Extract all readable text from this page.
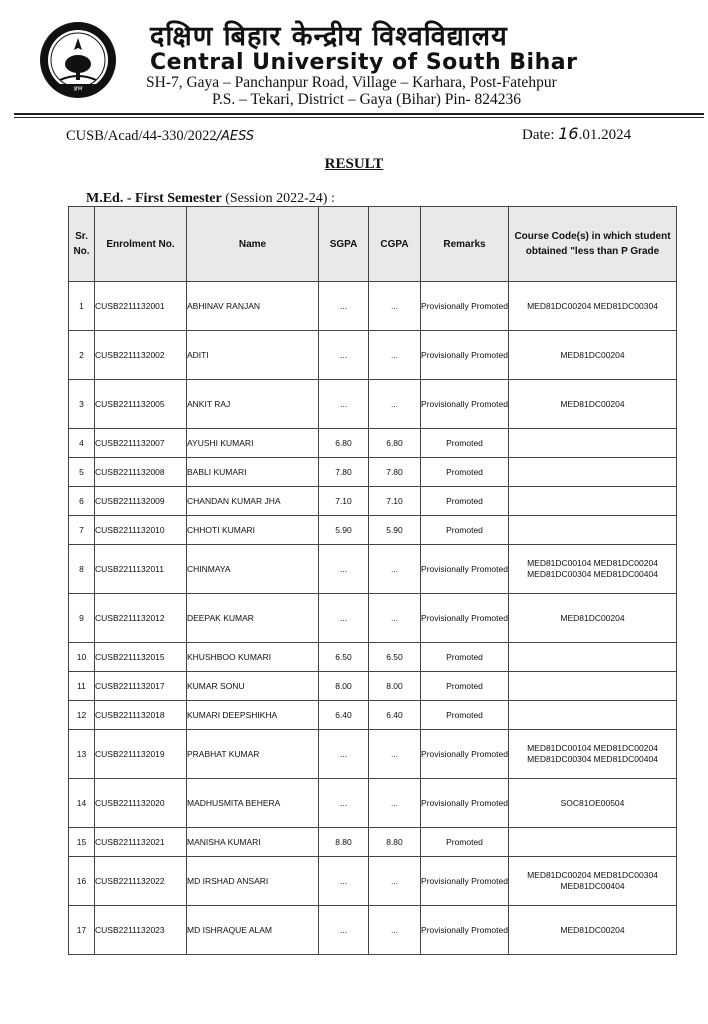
ज्ञान
दक्षिण बिहार केन्द्रीय विश्वविद्यालय
Central University of South Bihar
SH-7, Gaya – Panchanpur Road, Village – Karhara, Post-Fatehpur
P.S. – Tekari, District – Gaya (Bihar) Pin- 824236
CUSB/Acad/44-330/2022/AESS	Date: 16.01.2024
RESULT
M.Ed. - First Semester (Session 2022-24) :
Sr. No.	Enrolment No.	Name	SGPA	CGPA	Remarks	Course Code(s) in which student obtained "less than P Grade
1	CUSB2211132001	ABHINAV RANJAN	...	...	Provisionally Promoted	MED81DC00204 MED81DC00304
2	CUSB2211132002	ADITI	...	...	Provisionally Promoted	MED81DC00204
3	CUSB2211132005	ANKIT RAJ	...	...	Provisionally Promoted	MED81DC00204
4	CUSB2211132007	AYUSHI KUMARI	6.80	6.80	Promoted	
5	CUSB2211132008	BABLI KUMARI	7.80	7.80	Promoted	
6	CUSB2211132009	CHANDAN KUMAR JHA	7.10	7.10	Promoted	
7	CUSB2211132010	CHHOTI KUMARI	5.90	5.90	Promoted	
8	CUSB2211132011	CHINMAYA	...	...	Provisionally Promoted	MED81DC00104 MED81DC00204 MED81DC00304 MED81DC00404
9	CUSB2211132012	DEEPAK KUMAR	...	...	Provisionally Promoted	MED81DC00204
10	CUSB2211132015	KHUSHBOO KUMARI	6.50	6.50	Promoted	
11	CUSB2211132017	KUMAR SONU	8.00	8.00	Promoted	
12	CUSB2211132018	KUMARI DEEPSHIKHA	6.40	6.40	Promoted	
13	CUSB2211132019	PRABHAT KUMAR	...	...	Provisionally Promoted	MED81DC00104 MED81DC00204 MED81DC00304 MED81DC00404
14	CUSB2211132020	MADHUSMITA BEHERA	...	...	Provisionally Promoted	SOC81OE00504
15	CUSB2211132021	MANISHA KUMARI	8.80	8.80	Promoted	
16	CUSB2211132022	MD IRSHAD ANSARI	...	...	Provisionally Promoted	MED81DC00204 MED81DC00304 MED81DC00404
17	CUSB2211132023	MD ISHRAQUE ALAM	...	...	Provisionally Promoted	MED81DC00204
